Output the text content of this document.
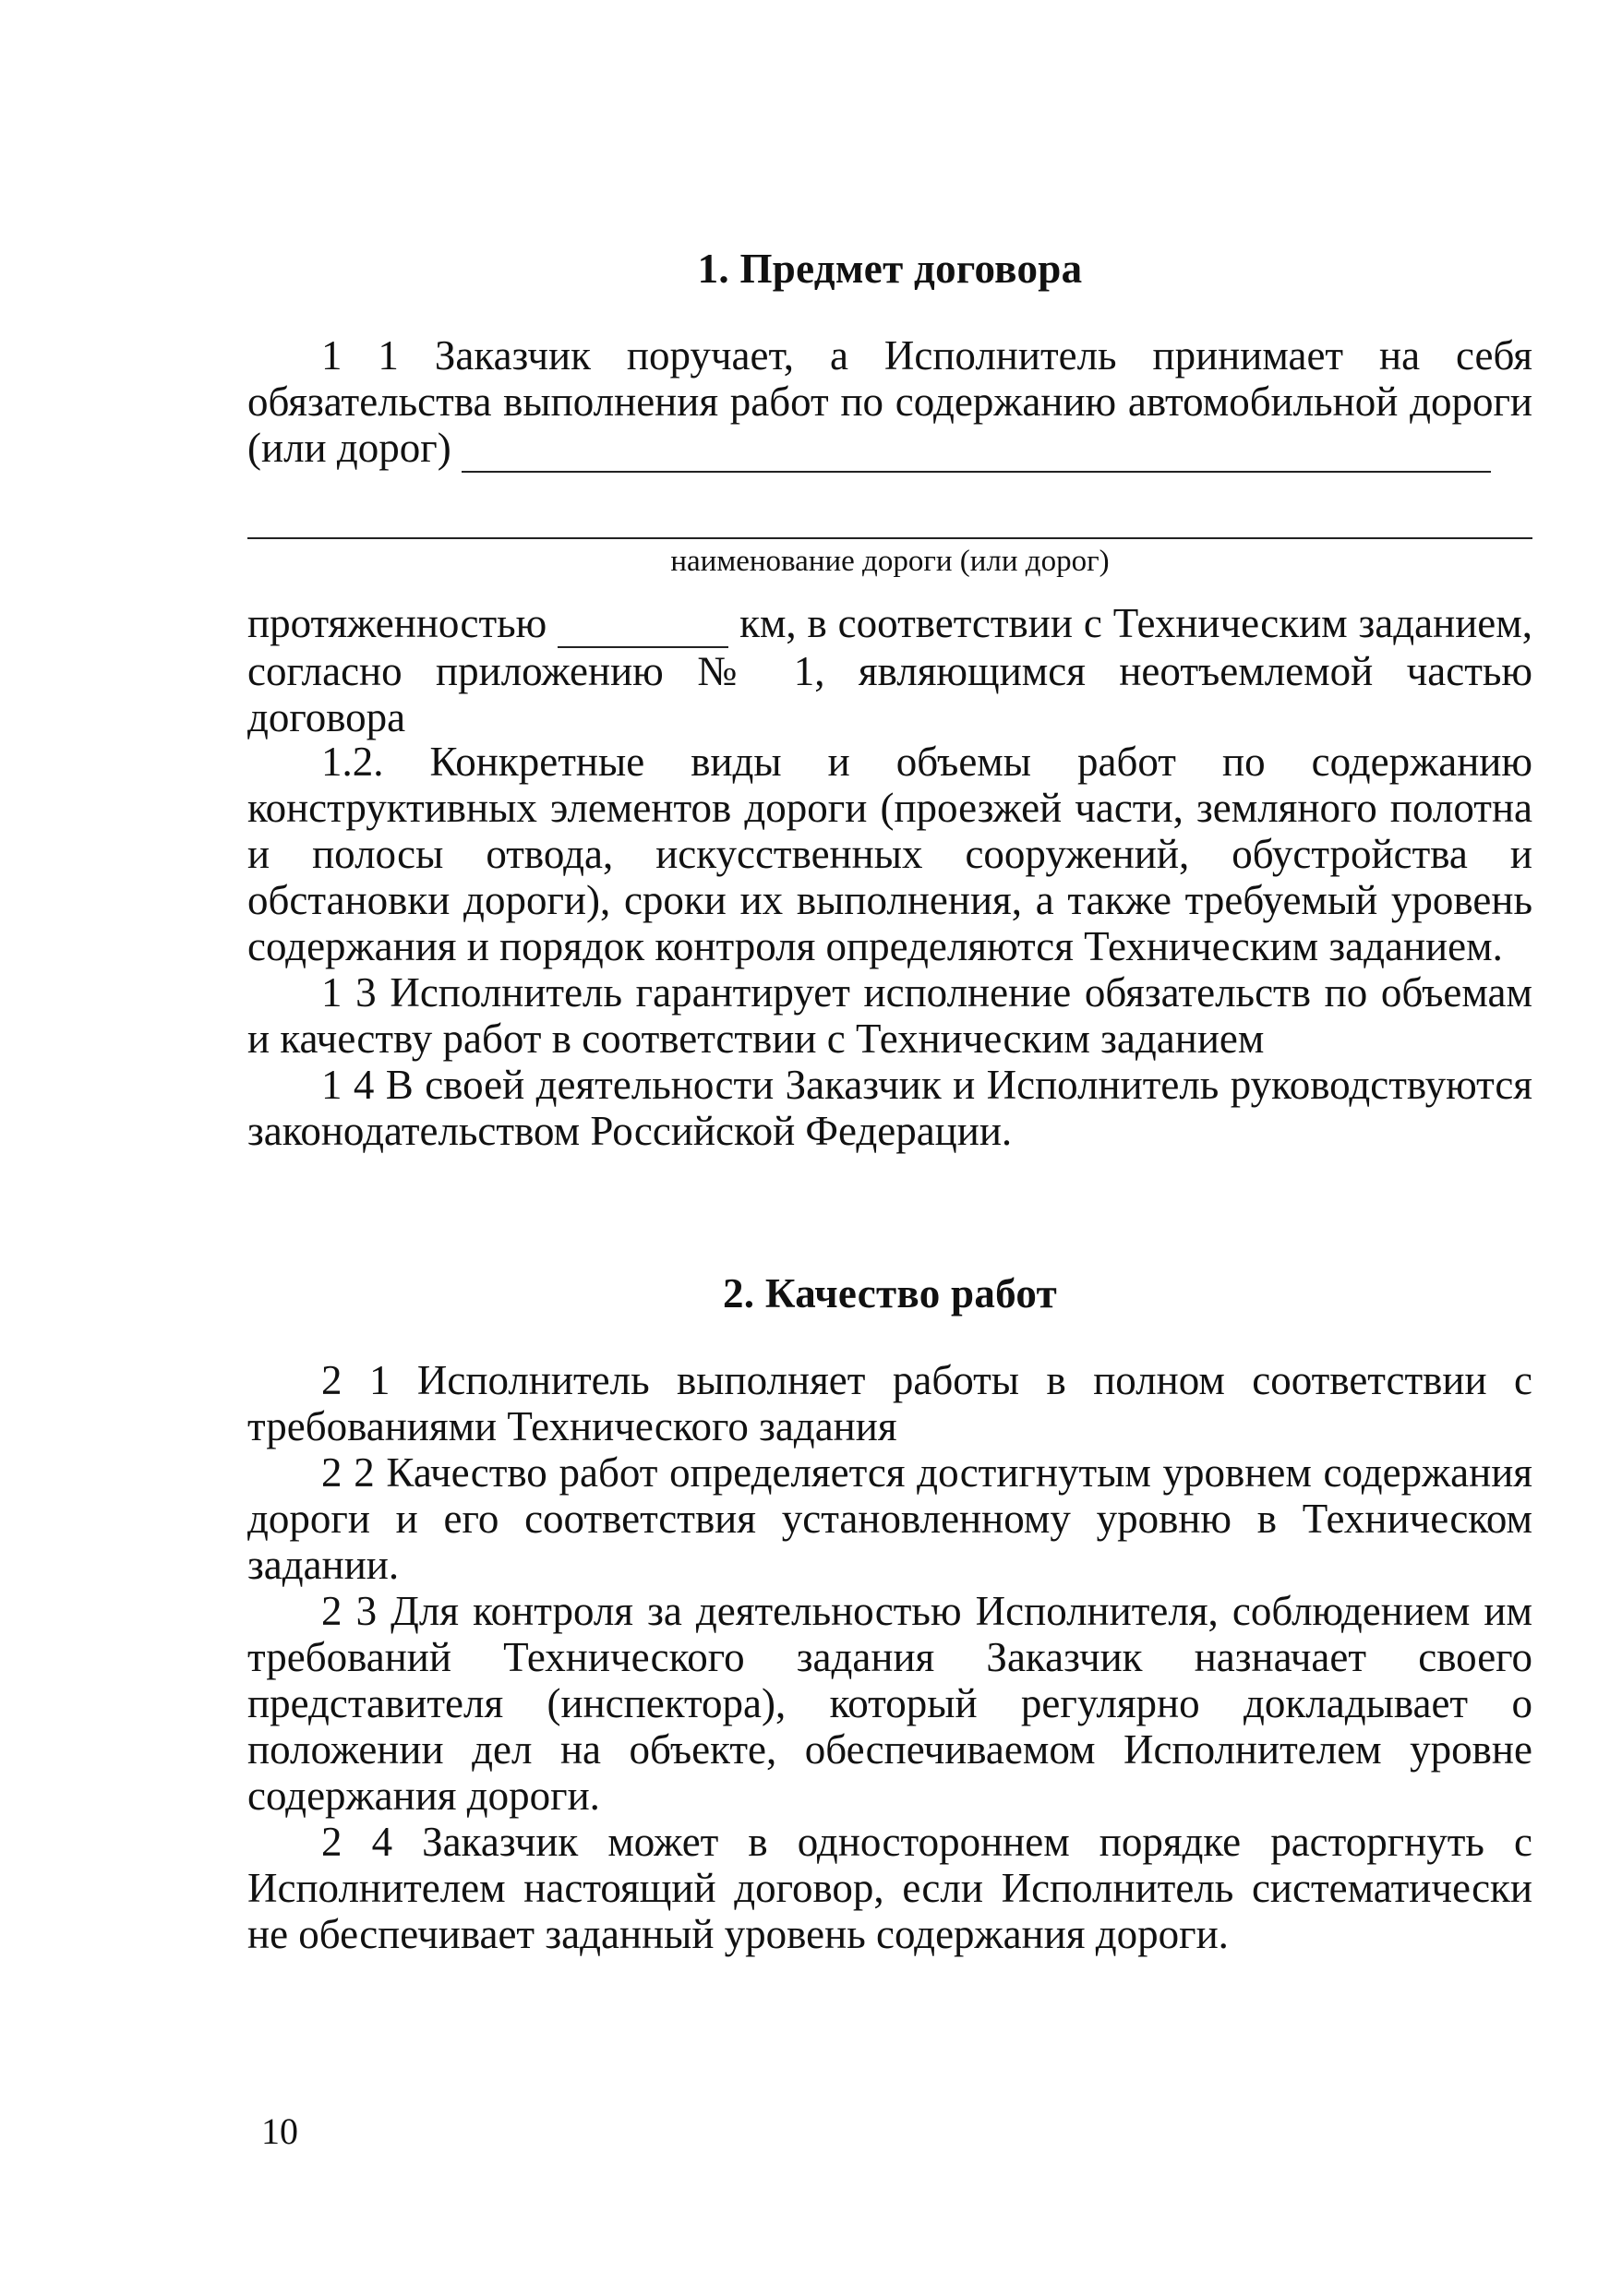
1. Предмет договора

1 1 Заказчик поручает, а Исполнитель принимает на себя обязательства выполнения работ по содержанию автомобильной дороги (или дорог)

наименование дороги (или дорог)

протяженностью	км, в соответствии с Техническим заданием, согласно приложению № 1, являющимся неотъемлемой частью договора

1.2. Конкретные виды и объемы работ по содержанию конструктивных элементов дороги (проезжей части, земляного полотна и полосы отвода, искусственных сооружений, обустройства и обстановки дороги), сроки их выполнения, а также требуемый уровень содержания и порядок контроля определяются Техническим заданием.

1 3 Исполнитель гарантирует исполнение обязательств по объемам и качеству работ в соответствии с Техническим заданием

1 4 В своей деятельности Заказчик и Исполнитель руководствуются законодательством Российской Федерации.

2. Качество работ

2 1 Исполнитель выполняет работы в полном соответствии с требованиями Технического задания

2 2 Качество работ определяется достигнутым уровнем содержания дороги и его соответствия установленному уровню в Техническом задании.

2 3 Для контроля за деятельностью Исполнителя, соблюдением им требований Технического задания Заказчик назначает своего представителя (инспектора), который регулярно докладывает о положении дел на объекте, обеспечиваемом Исполнителем уровне содержания дороги.

2 4 Заказчик может в одностороннем порядке расторгнуть с Исполнителем настоящий договор, если Исполнитель систематически не обеспечивает заданный уровень содержания дороги.

10
